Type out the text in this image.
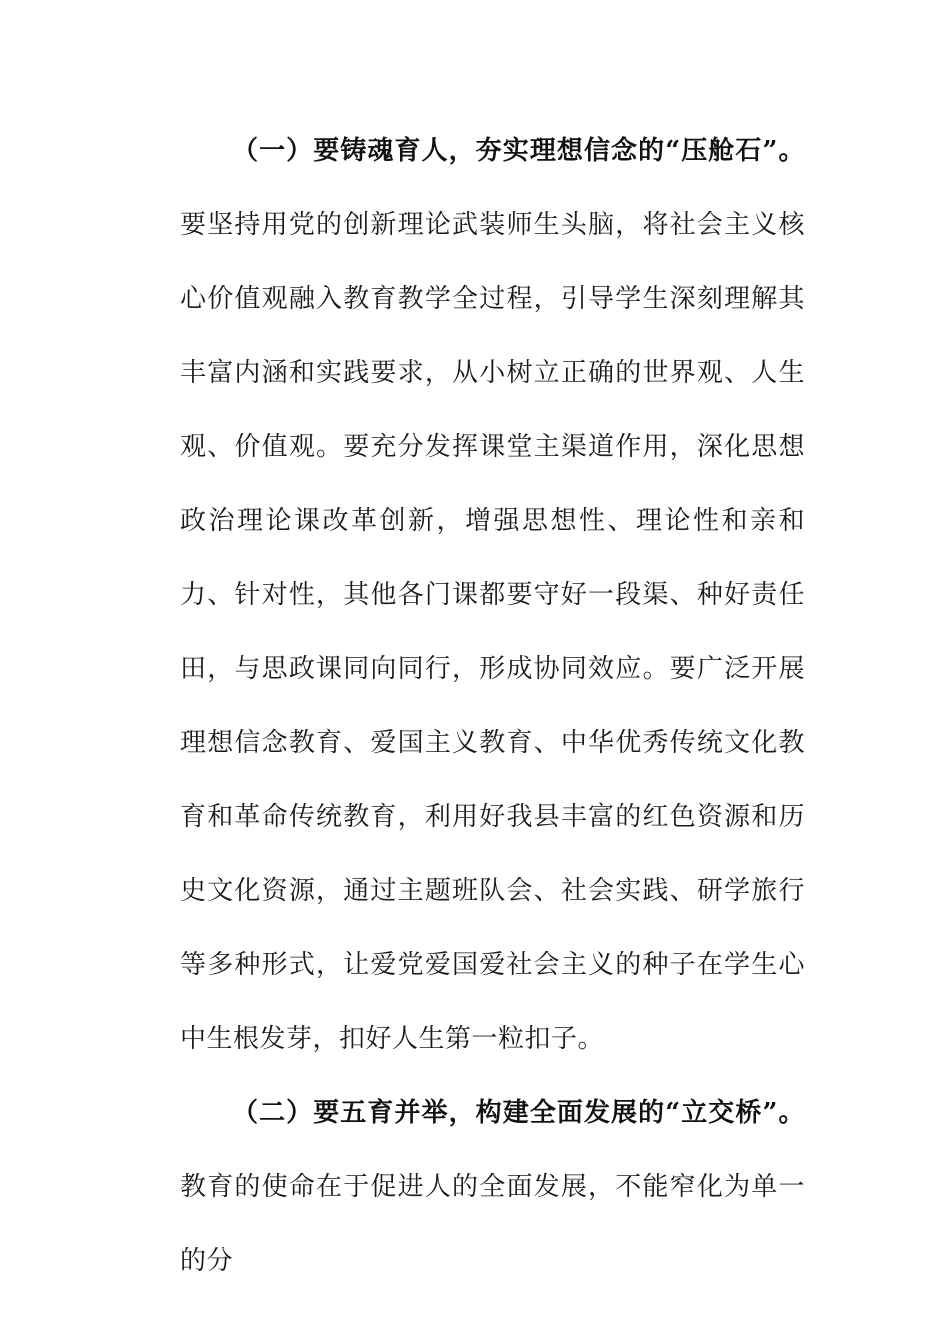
（一）要铸魂育人，夯实理想信念的“压舱石”。要坚持用党的创新理论武装师生头脑，将社会主义核心价值观融入教育教学全过程，引导学生深刻理解其丰富内涵和实践要求，从小树立正确的世界观、人生观、价值观。要充分发挥课堂主渠道作用，深化思想政治理论课改革创新，增强思想性、理论性和亲和力、针对性，其他各门课都要守好一段渠、种好责任田，与思政课同向同行，形成协同效应。要广泛开展理想信念教育、爱国主义教育、中华优秀传统文化教育和革命传统教育，利用好我县丰富的红色资源和历史文化资源，通过主题班队会、社会实践、研学旅行等多种形式，让爱党爱国爱社会主义的种子在学生心中生根发芽，扣好人生第一粒扣子。

（二）要五育并举，构建全面发展的“立交桥”。教育的使命在于促进人的全面发展，不能窄化为单一的分
